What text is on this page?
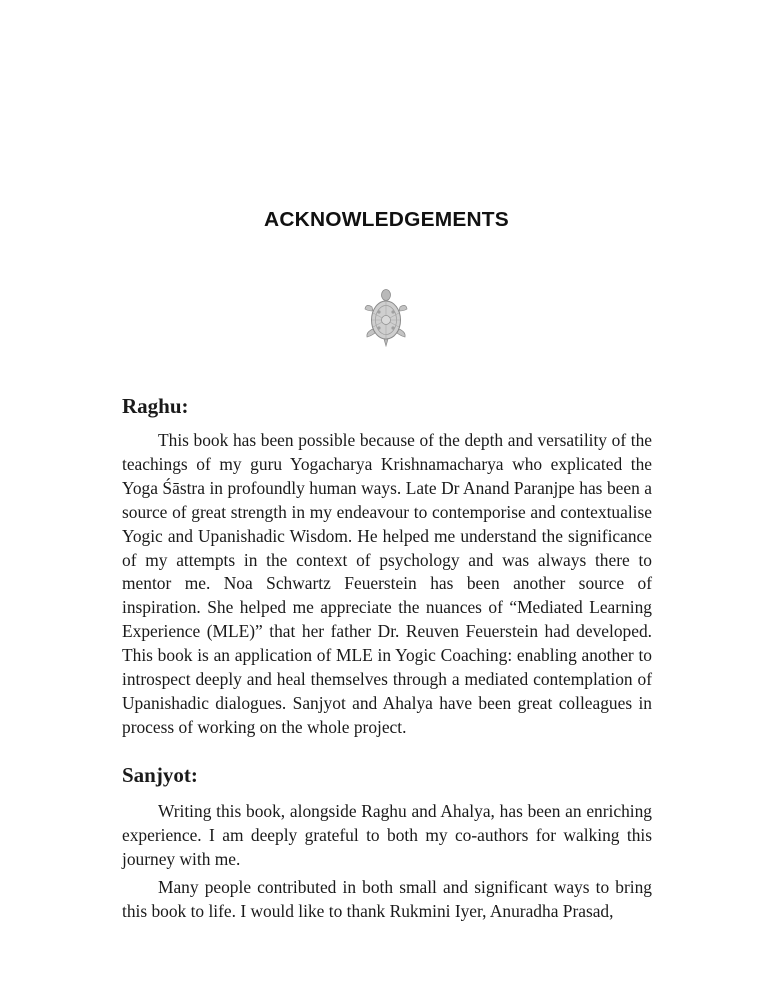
ACKNOWLEDGEMENTS
Raghu:

This book has been possible because of the depth and versatility of the teachings of my guru Yogacharya Krishnamacharya who explicated the Yoga Śāstra in profoundly human ways. Late Dr Anand Paranjpe has been a source of great strength in my endeavour to contemporise and contextualise Yogic and Upanishadic Wisdom. He helped me understand the significance of my attempts in the context of psychology and was always there to mentor me. Noa Schwartz Feuerstein has been another source of inspiration. She helped me appreciate the nuances of “Mediated Learning Experience (MLE)” that her father Dr. Reuven Feuerstein had developed. This book is an application of MLE in Yogic Coaching: enabling another to introspect deeply and heal themselves through a mediated contemplation of Upanishadic dialogues. Sanjyot and Ahalya have been great colleagues in process of working on the whole project.

Sanjyot:

Writing this book, alongside Raghu and Ahalya, has been an enriching experience. I am deeply grateful to both my co-authors for walking this journey with me.

Many people contributed in both small and significant ways to bring this book to life. I would like to thank Rukmini Iyer, Anuradha Prasad,
